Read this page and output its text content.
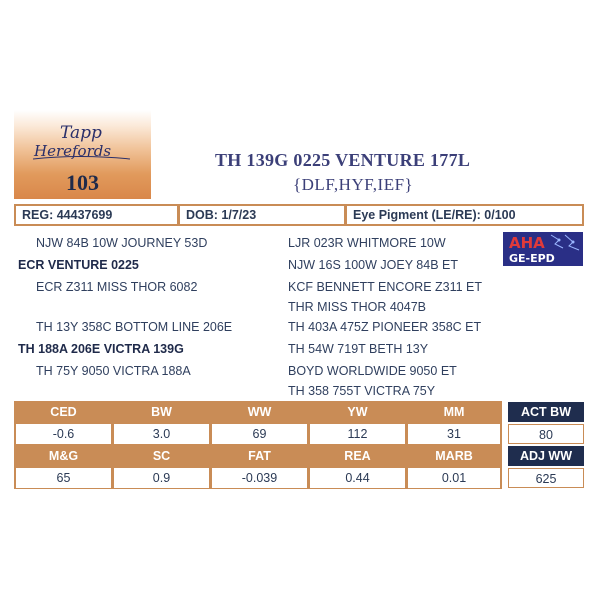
Tapp
Herefords
103
TH 139G 0225 VENTURE 177L
{DLF,HYF,IEF}
REG: 44437699	DOB: 1/7/23	Eye Pigment (LE/RE): 0/100
NJW 84B 10W JOURNEY 53D
ECR VENTURE 0225
ECR Z311 MISS THOR 6082
TH 13Y 358C BOTTOM LINE 206E
TH 188A 206E VICTRA 139G
TH 75Y 9050 VICTRA 188A
LJR 023R WHITMORE 10W
NJW 16S 100W JOEY 84B ET
KCF BENNETT ENCORE Z311 ET
THR MISS THOR 4047B
TH 403A 475Z PIONEER 358C ET
TH 54W 719T BETH 13Y
BOYD WORLDWIDE 9050 ET
TH 358 755T VICTRA 75Y
AHA
GE-EPD
CED	BW	WW	YW	MM
-0.6	3.0	69	112	31
M&G	SC	FAT	REA	MARB
65	0.9	-0.039	0.44	0.01
ACT BW
80
ADJ WW
625
